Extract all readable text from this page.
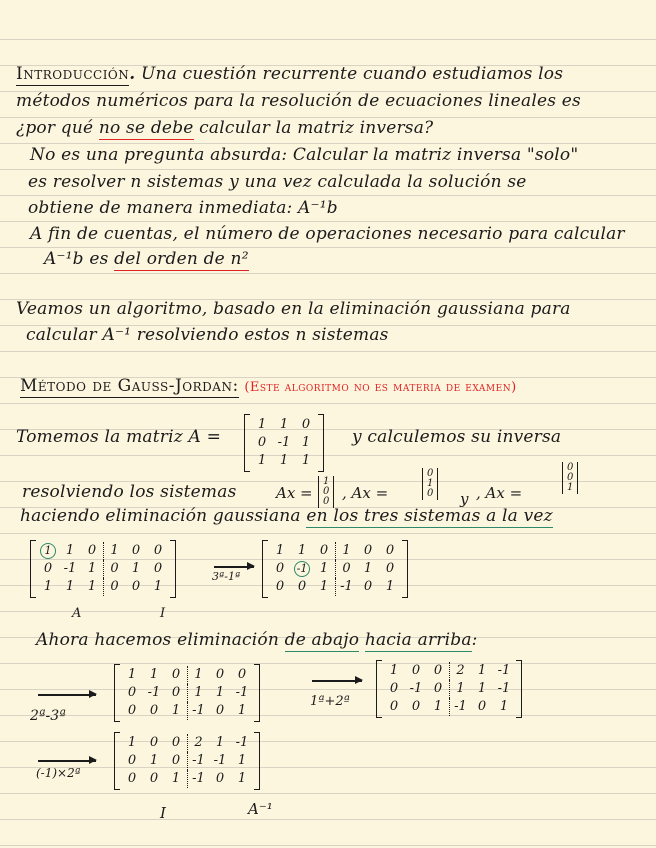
Introducción. Una cuestión recurrente cuando estudiamos los
métodos numéricos para la resolución de ecuaciones lineales es
¿por qué no se debe calcular la matriz inversa?
No es una pregunta absurda: Calcular la matriz inversa "solo"
es resolver n sistemas y una vez calculada la solución se
obtiene de manera inmediata: A⁻¹b
A fin de cuentas, el número de operaciones necesario para calcular
A⁻¹b es del orden de n²
Veamos un algoritmo, basado en la eliminación gaussiana para
calcular A⁻¹ resolviendo estos n sistemas
Método de Gauss-Jordan: (Este algoritmo no es materia de examen)
Tomemos la matriz A =
1	1	0
0 -1 1
1	1	1
y calculemos su inversa
resolviendo los sistemas	Ax =
1
0
0 , Ax =
0
1
0 y , Ax =
0
0
1
haciendo eliminación gaussiana en los tres sistemas a la vez
1	1	0	1	0	0
0 -1 1	0	1	0
1	1	1	0	0	1
3ª-1ª
1	1	0	1	0	0
0	-1 1	0	1	0
0	0	1 -1 0	1
A	I
Ahora hacemos eliminación de abajo hacia arriba:
2ª-3ª
1	1	0	1	0	0
0 -1 0	1	1 -1
0	0	1 -1 0	1
1ª+2ª
1	0	0	2	1 -1
0 -1 0	1	1 -1
0	0	1 -1 0	1
(-1)×2ª
1	0	0	2	1 -1
0	1	0 -1 -1 1
0	0	1 -1 0	1
I	A⁻¹
